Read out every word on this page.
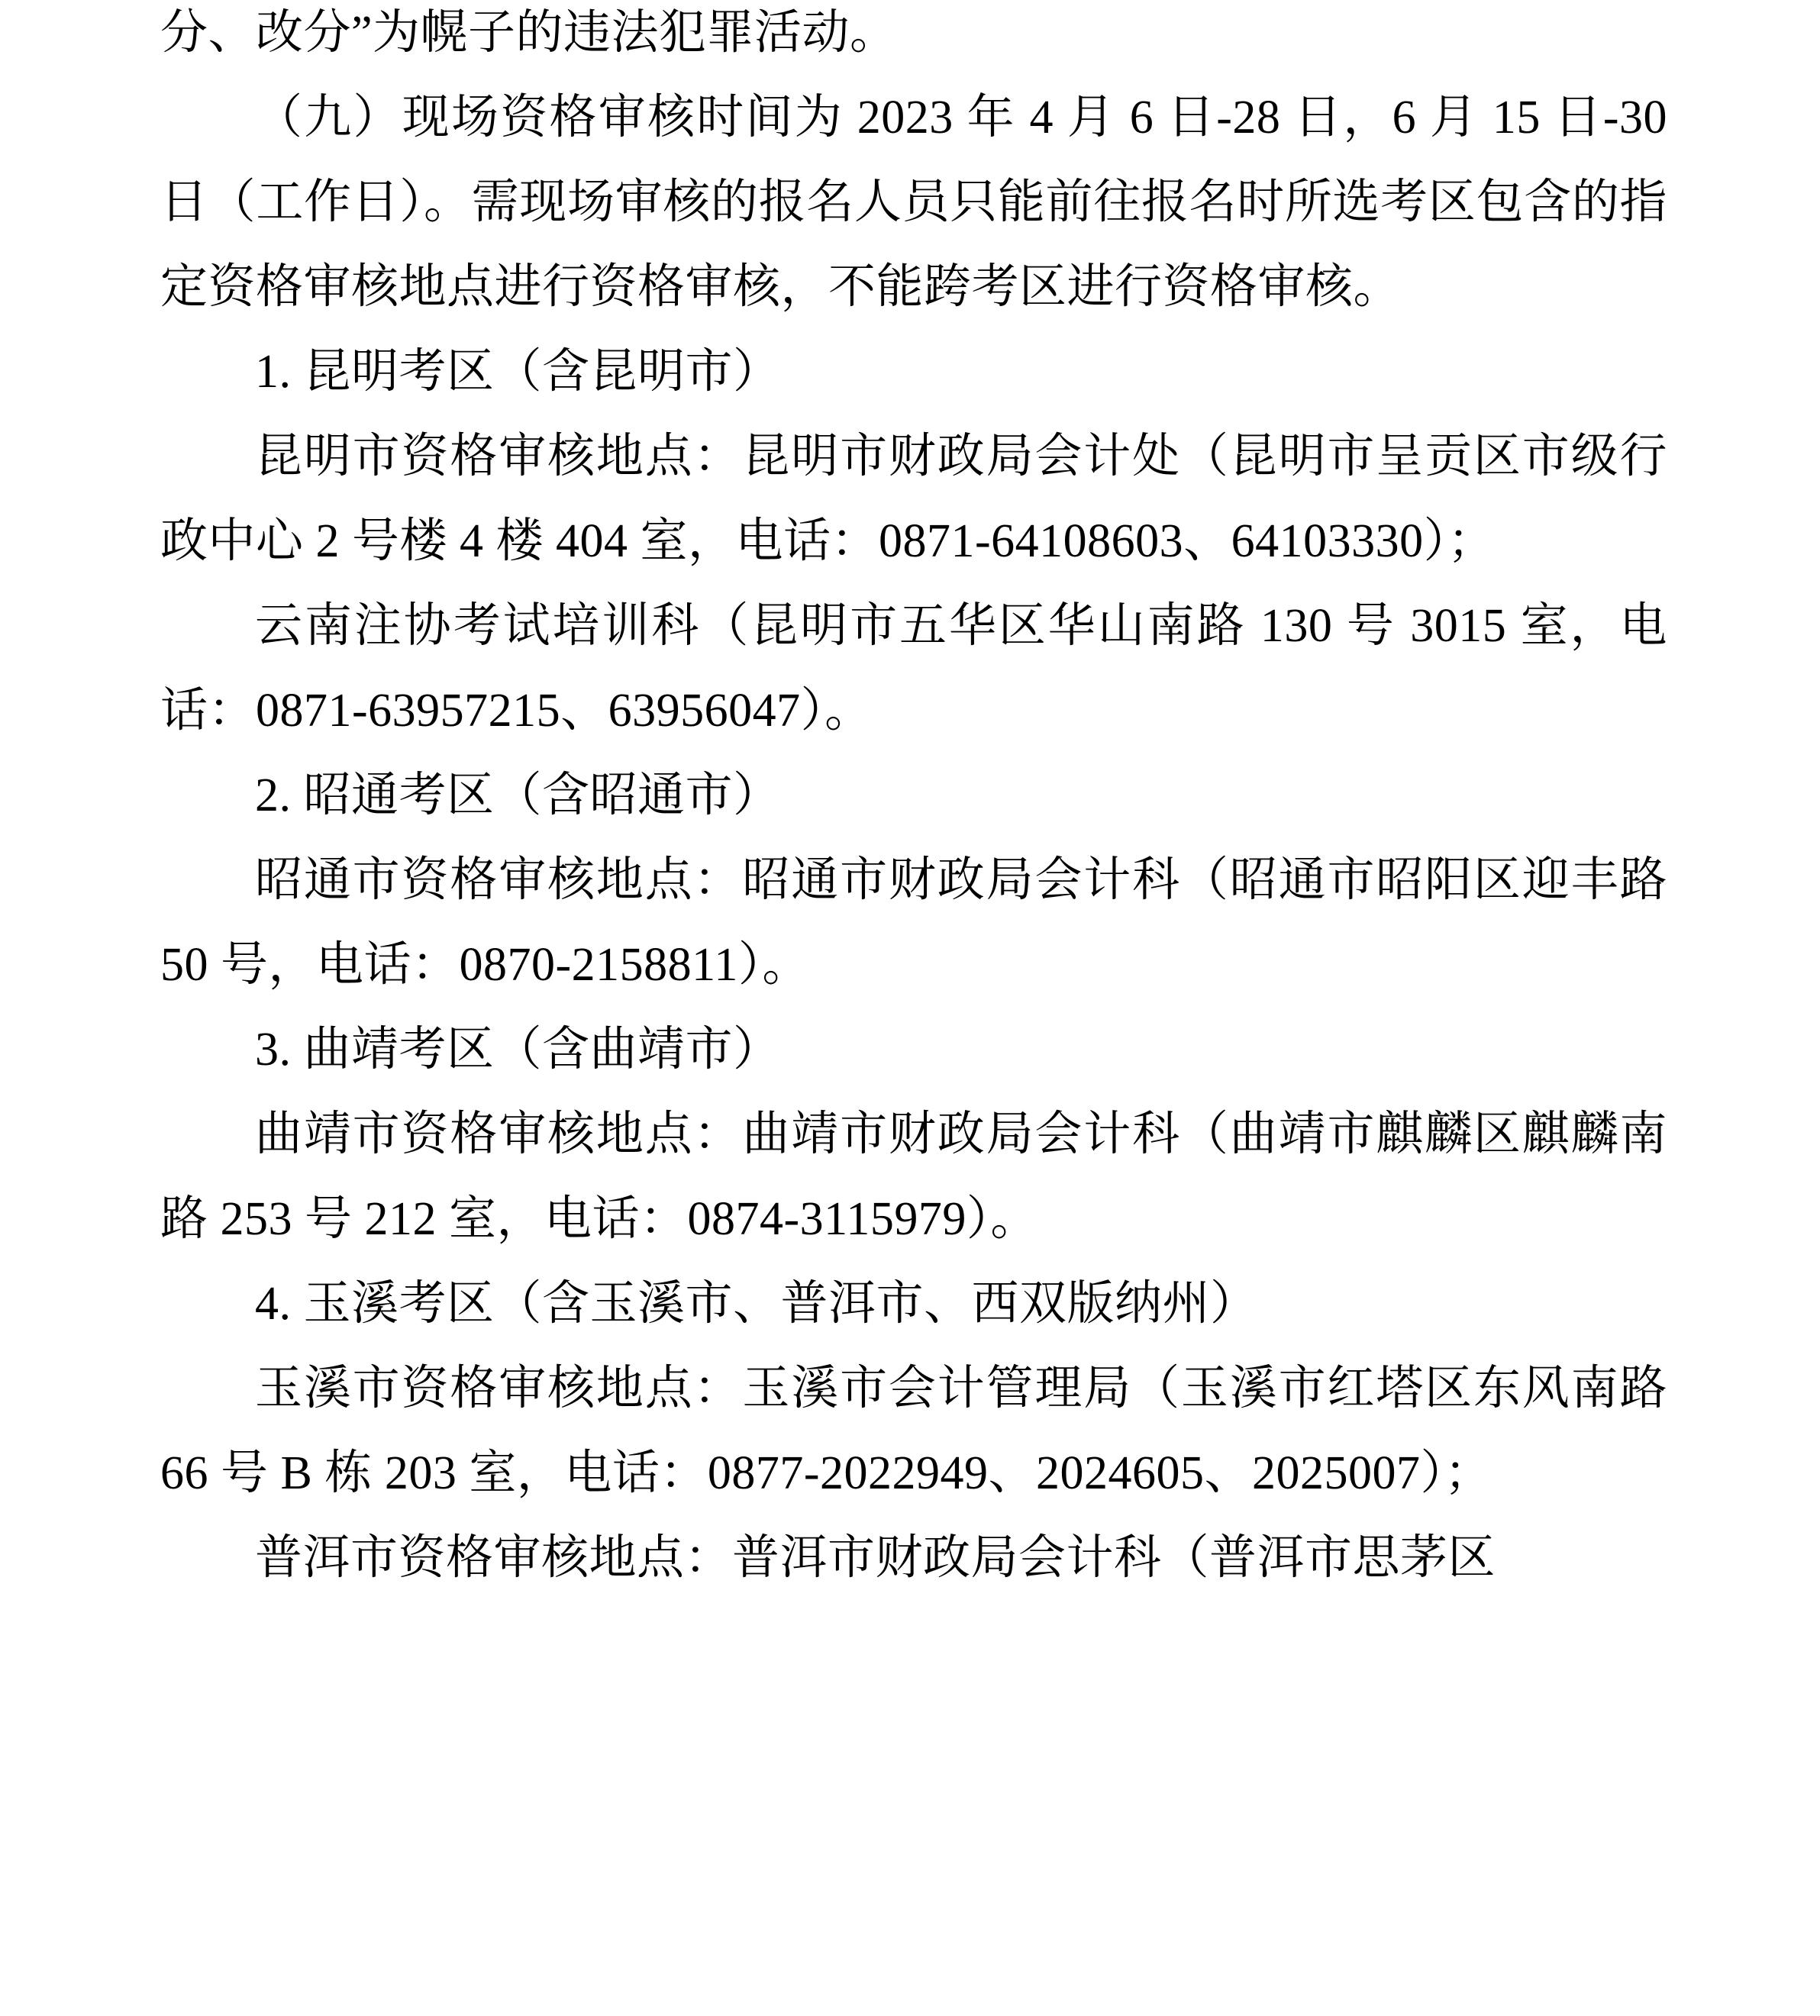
分、改分”为幌子的违法犯罪活动。

（九）现场资格审核时间为 2023 年 4 月 6 日-28 日，6 月 15 日-30 日（工作日）。需现场审核的报名人员只能前往报名时所选考区包含的指定资格审核地点进行资格审核，不能跨考区进行资格审核。

1. 昆明考区（含昆明市）

昆明市资格审核地点：昆明市财政局会计处（昆明市呈贡区市级行政中心 2 号楼 4 楼 404 室，电话：0871-64108603、64103330）；

云南注协考试培训科（昆明市五华区华山南路 130 号 3015 室，电话：0871-63957215、63956047）。

2. 昭通考区（含昭通市）

昭通市资格审核地点：昭通市财政局会计科（昭通市昭阳区迎丰路 50 号，电话：0870-2158811）。

3. 曲靖考区（含曲靖市）

曲靖市资格审核地点：曲靖市财政局会计科（曲靖市麒麟区麒麟南路 253 号 212 室，电话：0874-3115979）。

4. 玉溪考区（含玉溪市、普洱市、西双版纳州）

玉溪市资格审核地点：玉溪市会计管理局（玉溪市红塔区东风南路 66 号 B 栋 203 室，电话：0877-2022949、2024605、2025007）；

普洱市资格审核地点：普洱市财政局会计科（普洱市思茅区
